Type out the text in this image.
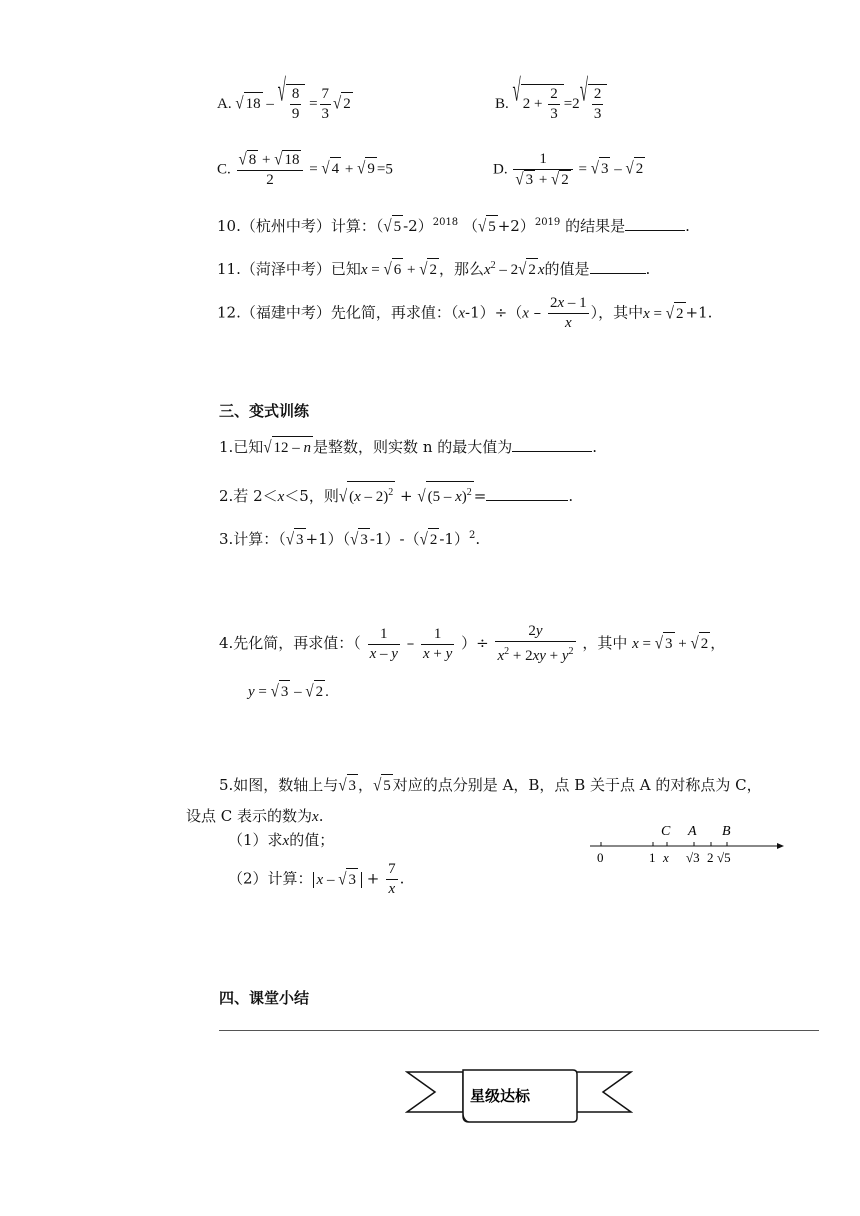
A. √ 18 – √ $\frac{8}{9} = \frac{7}{3}$ √ 2	B. √ $2 + \frac{2}{3} =2√ \frac{2}{3}$
C. $\frac{√ 8 + √ 18}{2}$ = √ 4 + √ 9 =5	D. $\frac{1}{√ 3 + √ 2}$ = √ 3 – √ 2
10.（杭州中考）计算：（√ 5 -2）$^{2018}$ （√ 5 +2）$^{2019}$ 的结果是	.
11.（菏泽中考）已知x = √ 6 + √ 2 ，那么$x^2 - 2√$ 2 x的值是	.
12.（福建中考）先化简，再求值：$(x-1)\div(x - \frac{2x - 1}{x}$ ），其中x = √ 2 +1.
三、变式训练
1.已知√ 12 – n 是整数，则实数 n 的最大值为	.
2.若 2＜x＜5，则√ (x – 2)$^2$ + √ (5 – x)$^2$ =	.
3.计算：（√ 3 +1）（√ 3 -1）-（√ 2 -1）$^2$.
4.先化简，再求值：（ $\frac{1}{x - y} - \frac{1}{x + y}$ ）÷ $\frac{2y}{x^2 + 2xy + y^2}$ ，其中 x = √ 3 + √ 2 ，
y = √ 3 – √ 2 .
5.如图，数轴上与√ 3 ，√ 5 对应的点分别是 A，B，点 B 关于点 A 的对称点为 C，
设点 C 表示的数为x.
（1）求x的值；
（2）计算： x – √ $3 + \frac{7}{x}$ .
C A B
0	1 x √3 2 √5
四、课堂小结
星级达标
